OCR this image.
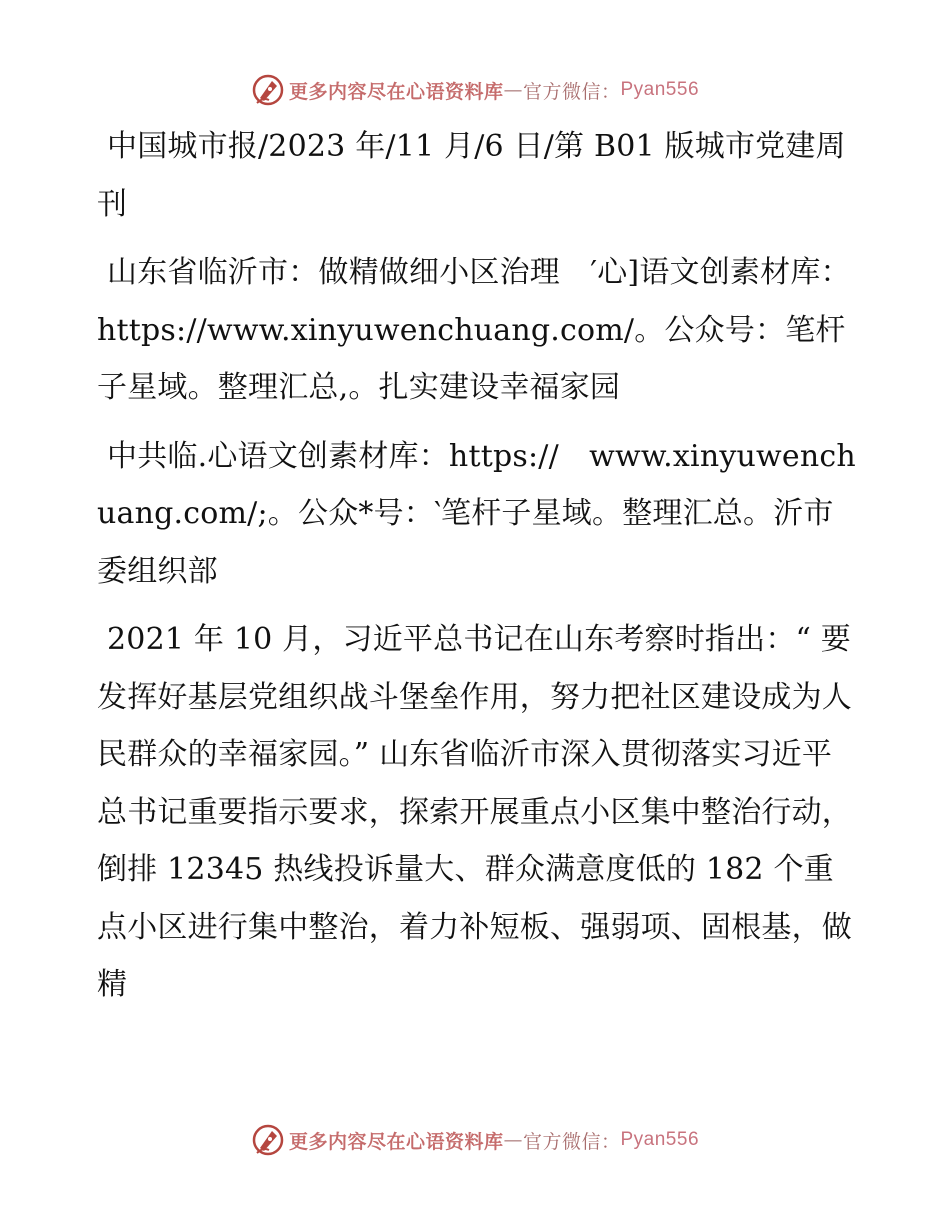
更多内容尽在心语资料库 — 官方微信： Pyan556

中国城市报/2023 年/11 月/6 日/第 B01 版城市党建周刊

山东省临沂市：做精做细小区治理　′心]语文创素材库：https://www.xinyuwenchuang.com/。公众号：笔杆子星域。整理汇总,。扎实建设幸福家园

中共临.心语文创素材库：https://　www.xinyuwenchuang.com/;。公众*号：‵笔杆子星域。整理汇总。沂市委组织部

2021 年 10 月，习近平总书记在山东考察时指出：“ 要发挥好基层党组织战斗堡垒作用，努力把社区建设成为人民群众的幸福家园。” 山东省临沂市深入贯彻落实习近平总书记重要指示要求，探索开展重点小区集中整治行动，倒排 12345 热线投诉量大、群众满意度低的 182 个重点小区进行集中整治，着力补短板、强弱项、固根基，做精

更多内容尽在心语资料库 — 官方微信： Pyan556
